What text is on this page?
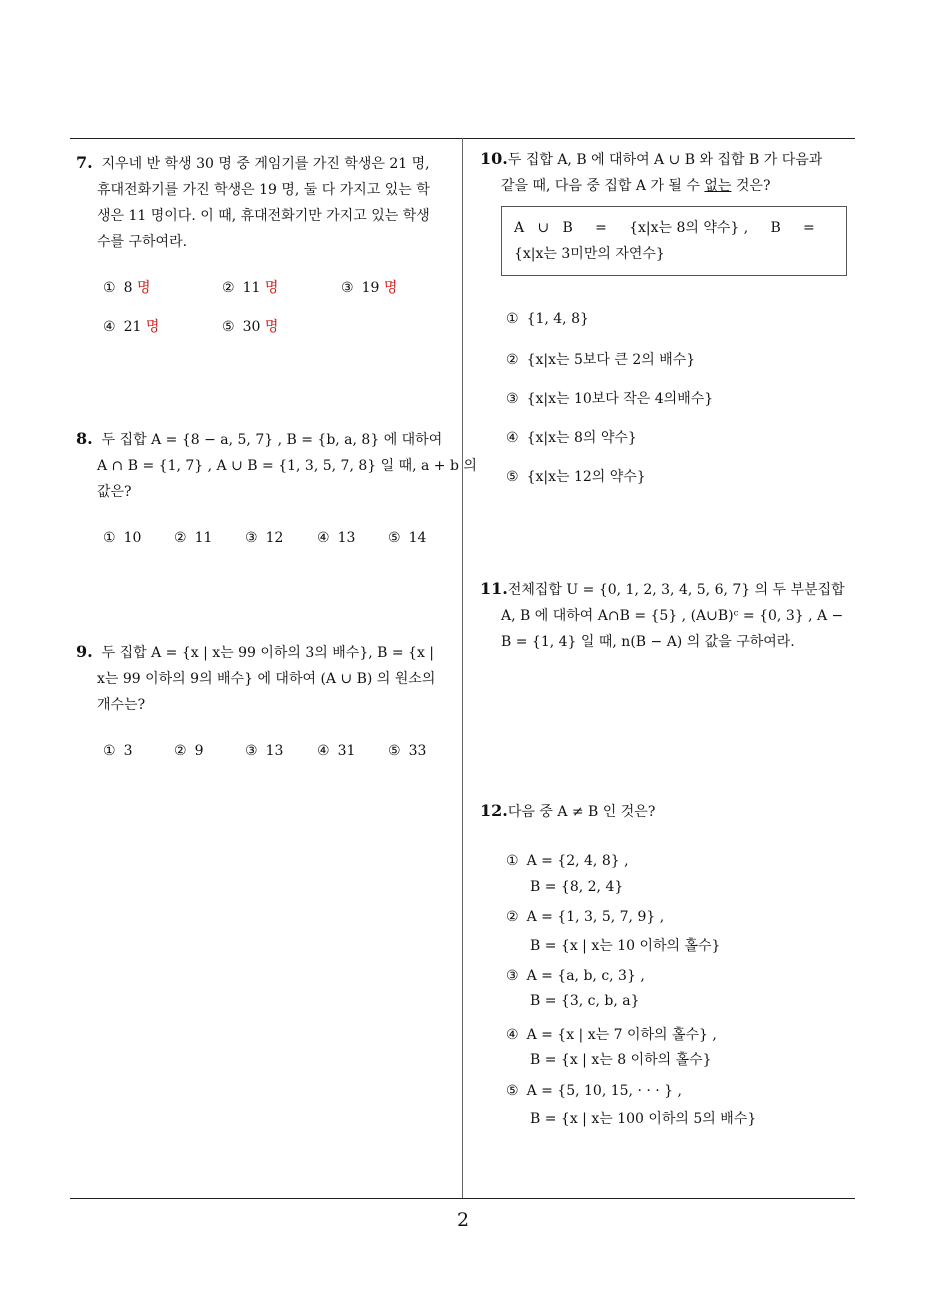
2
7. 지우네 반 학생 30 명 중 게임기를 가진 학생은 21 명,
휴대전화기를 가진 학생은 19 명, 둘 다 가지고 있는 학
생은 11 명이다. 이 때, 휴대전화기만 가지고 있는 학생
수를 구하여라.
① 8 명	② 11 명	③ 19 명
④ 21 명	⑤ 30 명
8. 두 집합 A = {8 − a, 5, 7} , B = {b, a, 8} 에 대하여
A ∩ B = {1, 7} , A ∪ B = {1, 3, 5, 7, 8} 일 때, a + b 의
값은?
① 10 ② 11 ③ 12 ④ 13 ⑤ 14
9. 두 집합 A = {x | x는 99 이하의 3의 배수}, B = {x |
x는 99 이하의 9의 배수} 에 대하여 (A ∪ B) 의 원소의
개수는?
① 3	② 9	③ 13 ④ 31 ⑤ 33
10.두 집합 A, B 에 대하여 A ∪ B 와 집합 B 가 다음과
같을 때, 다음 중 집합 A 가 될 수 없는 것은?
A   ∪   B     =     {x|x는 8의 약수} ,     B     =
{x|x는 3미만의 자연수}
① {1, 4, 8}
② {x|x는 5보다 큰 2의 배수}
③ {x|x는 10보다 작은 4의배수}
④ {x|x는 8의 약수}
⑤ {x|x는 12의 약수}
11.전체집합 U = {0, 1, 2, 3, 4, 5, 6, 7} 의 두 부분집합
A, B 에 대하여 A∩B = {5} , (A∪B)ᶜ = {0, 3} , A −
B = {1, 4} 일 때, n(B − A) 의 값을 구하여라.
12.다음 중 A ≠ B 인 것은?
① A = {2, 4, 8} ,
B = {8, 2, 4}
② A = {1, 3, 5, 7, 9} ,
B = {x | x는 10 이하의 홀수}
③ A = {a, b, c, 3} ,
B = {3, c, b, a}
④ A = {x | x는 7 이하의 홀수} ,
B = {x | x는 8 이하의 홀수}
⑤ A = {5, 10, 15, · · · } ,
B = {x | x는 100 이하의 5의 배수}
